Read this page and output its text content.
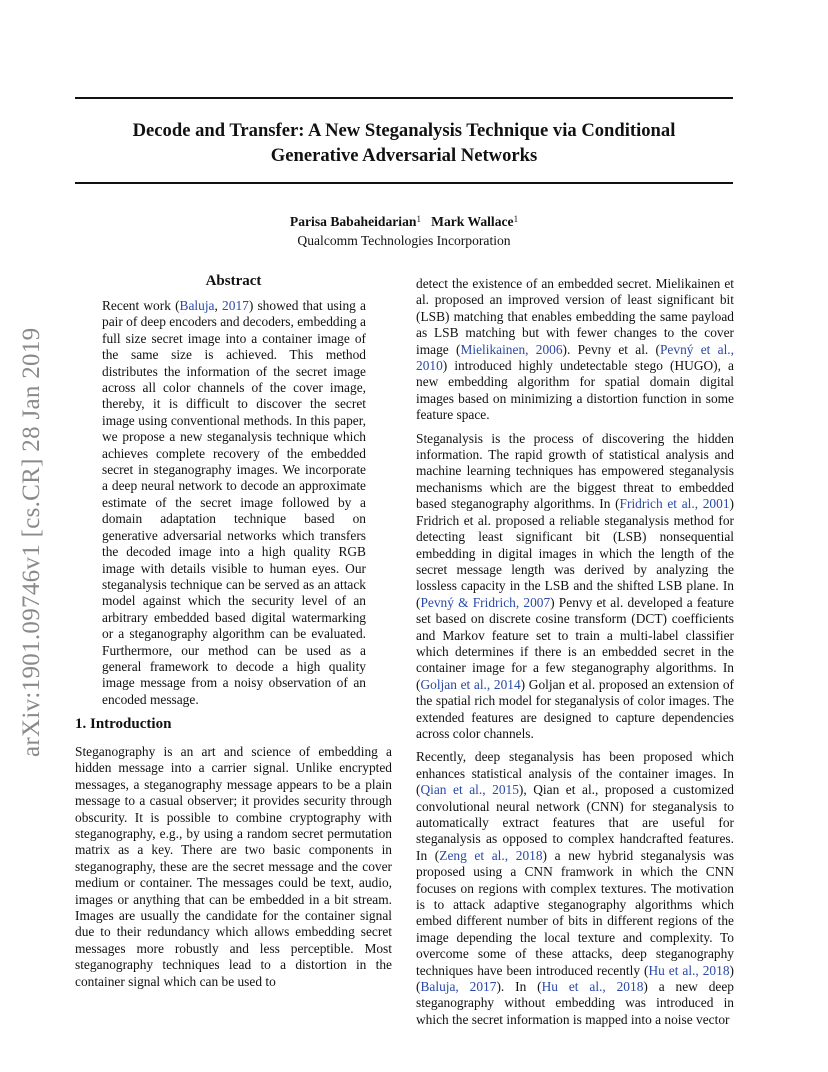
Decode and Transfer: A New Steganalysis Technique via Conditional
Generative Adversarial Networks
Parisa Babaheidarian$^1$ Mark Wallace$^1$
Qualcomm Technologies Incorporation
arXiv:1901.09746v1 [cs.CR] 28 Jan 2019
Abstract
Recent work (Baluja, 2017) showed that using a pair of deep encoders and decoders, embedding a full size secret image into a container image of the same size is achieved. This method distributes the information of the secret image across all color channels of the cover image, thereby, it is difficult to discover the secret image using conventional methods. In this paper, we propose a new steganalysis technique which achieves complete recovery of the embedded secret in steganography images. We incorporate a deep neural network to decode an approximate estimate of the secret image followed by a domain adaptation technique based on generative adversarial networks which transfers the decoded image into a high quality RGB image with details visible to human eyes. Our steganalysis technique can be served as an attack model against which the security level of an arbitrary embedded based digital watermarking or a steganography algorithm can be evaluated. Furthermore, our method can be used as a general framework to decode a high quality image message from a noisy observation of an encoded message.
1. Introduction
Steganography is an art and science of embedding a hidden message into a carrier signal. Unlike encrypted messages, a steganography message appears to be a plain message to a casual observer; it provides security through obscurity. It is possible to combine cryptography with steganography, e.g., by using a random secret permutation matrix as a key. There are two basic components in steganography, these are the secret message and the cover medium or container. The messages could be text, audio, images or anything that can be embedded in a bit stream. Images are usually the candidate for the container signal due to their redundancy which allows embedding secret messages more robustly and less perceptible. Most steganography techniques lead to a distortion in the container signal which can be used to

detect the existence of an embedded secret. Mielikainen et al. proposed an improved version of least significant bit (LSB) matching that enables embedding the same payload as LSB matching but with fewer changes to the cover image (Mielikainen, 2006). Pevny et al. (Pevný et al., 2010) introduced highly undetectable stego (HUGO), a new embedding algorithm for spatial domain digital images based on minimizing a distortion function in some feature space.

Steganalysis is the process of discovering the hidden information. The rapid growth of statistical analysis and machine learning techniques has empowered steganalysis mechanisms which are the biggest threat to embedded based steganography algorithms. In (Fridrich et al., 2001) Fridrich et al. proposed a reliable steganalysis method for detecting least significant bit (LSB) nonsequential embedding in digital images in which the length of the secret message length was derived by analyzing the lossless capacity in the LSB and the shifted LSB plane. In (Pevný & Fridrich, 2007) Penvy et al. developed a feature set based on discrete cosine transform (DCT) coefficients and Markov feature set to train a multi-label classifier which determines if there is an embedded secret in the container image for a few steganography algorithms. In (Goljan et al., 2014) Goljan et al. proposed an extension of the spatial rich model for steganalysis of color images. The extended features are designed to capture dependencies across color channels.

Recently, deep steganalysis has been proposed which enhances statistical analysis of the container images. In (Qian et al., 2015), Qian et al., proposed a customized convolutional neural network (CNN) for steganalysis to automatically extract features that are useful for steganalysis as opposed to complex handcrafted features. In (Zeng et al., 2018) a new hybrid steganalysis was proposed using a CNN framwork in which the CNN focuses on regions with complex textures. The motivation is to attack adaptive steganography algorithms which embed different number of bits in different regions of the image depending the local texture and complexity. To overcome some of these attacks, deep steganography techniques have been introduced recently (Hu et al., 2018) (Baluja, 2017). In (Hu et al., 2018) a new deep steganography without embedding was introduced in which the secret information is mapped into a noise vector
